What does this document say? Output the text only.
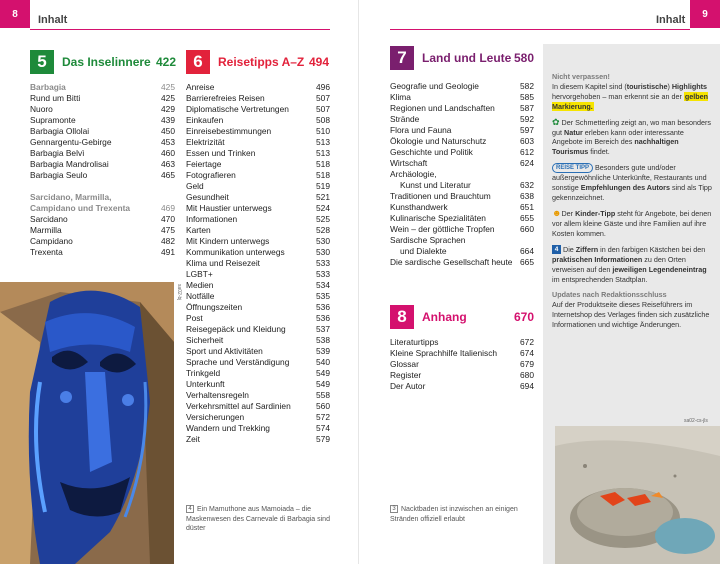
8	Inhalt
5	Das Inselinnere 422
Barbagia	425
Rund um Bitti	425
Nuoro	429
Supramonte	439
Barbagia Ollolai	450
Gennargentu-Gebirge	453
Barbagia Belvì	460
Barbagia Mandrolisai	463
Barbagia Seulo	465
Sarcidano, Marmilla, Campidano und Trexenta	469
Sarcidano	470
Marmilla	475
Campidano	482
Trexenta	491
6	Reisetipps A–Z 494
Anreise	496
Barrierefreies Reisen	507
Diplomatische Vertretungen	507
Einkaufen	508
Einreisebestimmungen	510
Elektrizität	513
Essen und Trinken	513
Feiertage	518
Fotografieren	518
Geld	519
Gesundheit	521
Mit Haustier unterwegs	524
Informationen	525
Karten	528
Mit Kindern unterwegs	530
Kommunikation unterwegs	530
Klima und Reisezeit	533
LGBT+	533
Medien	534
Notfälle	535
Öffnungszeiten	536
Post	536
Reisegepäck und Kleidung	537
Sicherheit	538
Sport und Aktivitäten	539
Sprache und Verständigung	540
Trinkgeld	549
Unterkunft	549
Verhaltensregeln	558
Verkehrsmittel auf Sardinien	560
Versicherungen	572
Wandern und Trekking	574
Zeit	579
sa02-bj
4 Ein Mamuthone aus Mamoiada – die Maskenwesen des Carnevale di Barbagia sind düster
9
Inhalt
7	Land und Leute 580
Geografie und Geologie	582
Klima	585
Regionen und Landschaften	587
Strände	592
Flora und Fauna	597
Ökologie und Naturschutz	603
Geschichte und Politik	612
Wirtschaft	624
Archäologie,
Kunst und Literatur	632
Traditionen und Brauchtum	638
Kunsthandwerk	651
Kulinarische Spezialitäten	655
Wein – der göttliche Tropfen	660
Sardische Sprachen
und Dialekte	664
Die sardische Gesellschaft heute 665
8	Anhang	670
Literaturtipps	672
Kleine Sprachhilfe Italienisch	674
Glossar	679
Register	680
Der Autor	694
3 Nacktbaden ist inzwischen an einigen Stränden offiziell erlaubt

Nicht verpassen!
In diesem Kapitel sind (touristische) Highlights hervorgehoben – man erkennt sie an der gelben Markierung.

✿ Der Schmetterling zeigt an, wo man besonders gut Natur erleben kann oder interessante Angebote im Bereich des nachhaltigen Tourismus findet.

REISE TIPP Besonders gute und/oder außergewöhnliche Unterkünfte, Restaurants und sonstige Empfehlungen des Autors sind als Tipp gekennzeichnet.

☻Der Kinder-Tipp steht für Angebote, bei denen vor allem kleine Gäste und ihre Familien auf ihre Kosten kommen.

4 Die Ziffern in den farbigen Kästchen bei den praktischen Informationen zu den Orten verweisen auf den jeweiligen Legendeneintrag im entsprechenden Stadtplan.

Updates nach Redaktionsschluss
Auf der Produktseite dieses Reiseführers im Internetshop des Verlages finden sich zusätzliche Informationen und wichtige Änderungen.

sa02-cs-jls
